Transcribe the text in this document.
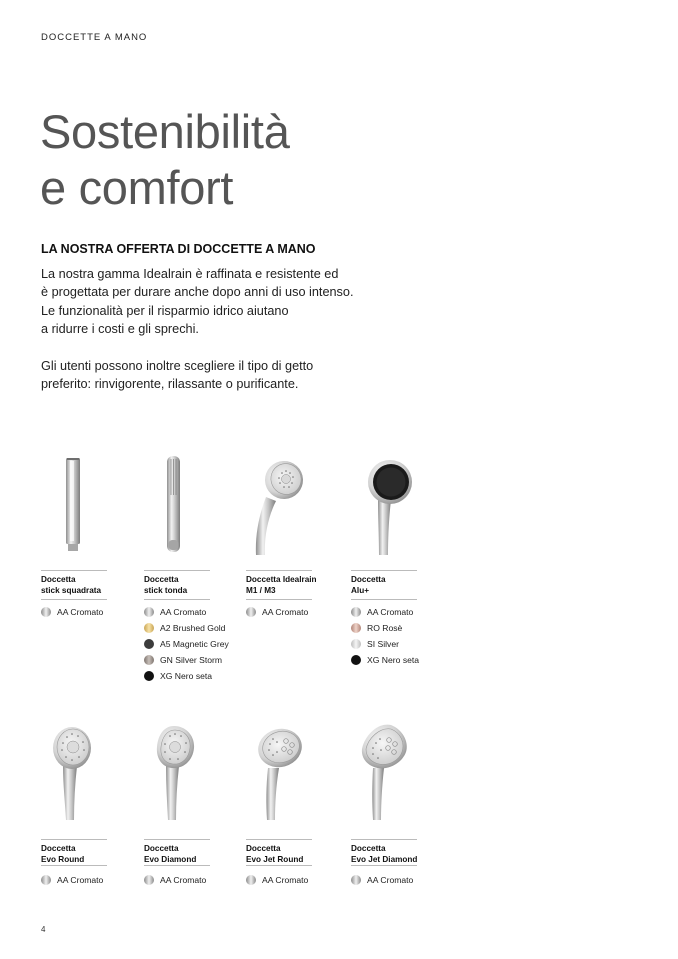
DOCCETTE A MANO
Sostenibilità
e comfort
LA NOSTRA OFFERTA DI DOCCETTE A MANO

La nostra gamma Idealrain è raffinata e resistente ed
è progettata per durare anche dopo anni di uso intenso.
Le funzionalità per il risparmio idrico aiutano
a ridurre i costi e gli sprechi.

Gli utenti possono inoltre scegliere il tipo di getto
preferito: rinvigorente, rilassante o purificante.

Doccetta
stick squadrata
AA Cromato
Doccetta
stick tonda
AA Cromato
A2 Brushed Gold
A5 Magnetic Grey
GN Silver Storm
XG Nero seta
Doccetta Idealrain
M1 / M3
AA Cromato
Doccetta
Alu+
AA Cromato
RO Rosè
SI Silver
XG Nero seta
Doccetta
Evo Round
AA Cromato
Doccetta
Evo Diamond
AA Cromato
Doccetta
Evo Jet Round
AA Cromato
Doccetta
Evo Jet Diamond
AA Cromato
4
